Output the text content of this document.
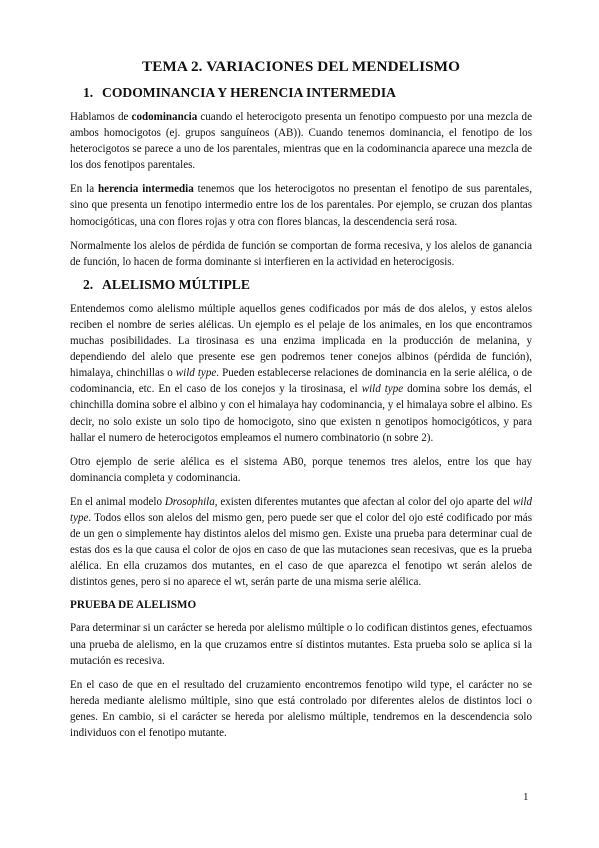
TEMA 2. VARIACIONES DEL MENDELISMO
1. CODOMINANCIA Y HERENCIA INTERMEDIA

Hablamos de codominancia cuando el heterocigoto presenta un fenotipo compuesto por una mezcla de ambos homocigotos (ej. grupos sanguíneos (AB)). Cuando tenemos dominancia, el fenotipo de los heterocigotos se parece a uno de los parentales, mientras que en la codominancia aparece una mezcla de los dos fenotipos parentales.

En la herencia intermedia tenemos que los heterocigotos no presentan el fenotipo de sus parentales, sino que presenta un fenotipo intermedio entre los de los parentales. Por ejemplo, se cruzan dos plantas homocigóticas, una con flores rojas y otra con flores blancas, la descendencia será rosa.

Normalmente los alelos de pérdida de función se comportan de forma recesiva, y los alelos de ganancia de función, lo hacen de forma dominante si interfieren en la actividad en heterocigosis.

2. ALELISMO MÚLTIPLE

Entendemos como alelismo múltiple aquellos genes codificados por más de dos alelos, y estos alelos reciben el nombre de series alélicas. Un ejemplo es el pelaje de los animales, en los que encontramos muchas posibilidades. La tirosinasa es una enzima implicada en la producción de melanina, y dependiendo del alelo que presente ese gen podremos tener conejos albinos (pérdida de función), himalaya, chinchillas o wild type. Pueden establecerse relaciones de dominancia en la serie alélica, o de codominancia, etc. En el caso de los conejos y la tirosinasa, el wild type domina sobre los demás, el chinchilla domina sobre el albino y con el himalaya hay codominancia, y el himalaya sobre el albino. Es decir, no solo existe un solo tipo de homocigoto, sino que existen n genotipos homocigóticos, y para hallar el numero de heterocigotos empleamos el numero combinatorio (n sobre 2).

Otro ejemplo de serie alélica es el sistema AB0, porque tenemos tres alelos, entre los que hay dominancia completa y codominancia.

En el animal modelo Drosophila, existen diferentes mutantes que afectan al color del ojo aparte del wild type. Todos ellos son alelos del mismo gen, pero puede ser que el color del ojo esté codificado por más de un gen o simplemente hay distintos alelos del mismo gen. Existe una prueba para determinar cual de estas dos es la que causa el color de ojos en caso de que las mutaciones sean recesivas, que es la prueba alélica. En ella cruzamos dos mutantes, en el caso de que aparezca el fenotipo wt serán alelos de distintos genes, pero si no aparece el wt, serán parte de una misma serie alélica.

PRUEBA DE ALELISMO

Para determinar si un carácter se hereda por alelismo múltiple o lo codifican distintos genes, efectuamos una prueba de alelismo, en la que cruzamos entre sí distintos mutantes. Esta prueba solo se aplica si la mutación es recesiva.

En el caso de que en el resultado del cruzamiento encontremos fenotipo wild type, el carácter no se hereda mediante alelismo múltiple, sino que está controlado por diferentes alelos de distintos loci o genes. En cambio, si el carácter se hereda por alelismo múltiple, tendremos en la descendencia solo individuos con el fenotipo mutante.

1
